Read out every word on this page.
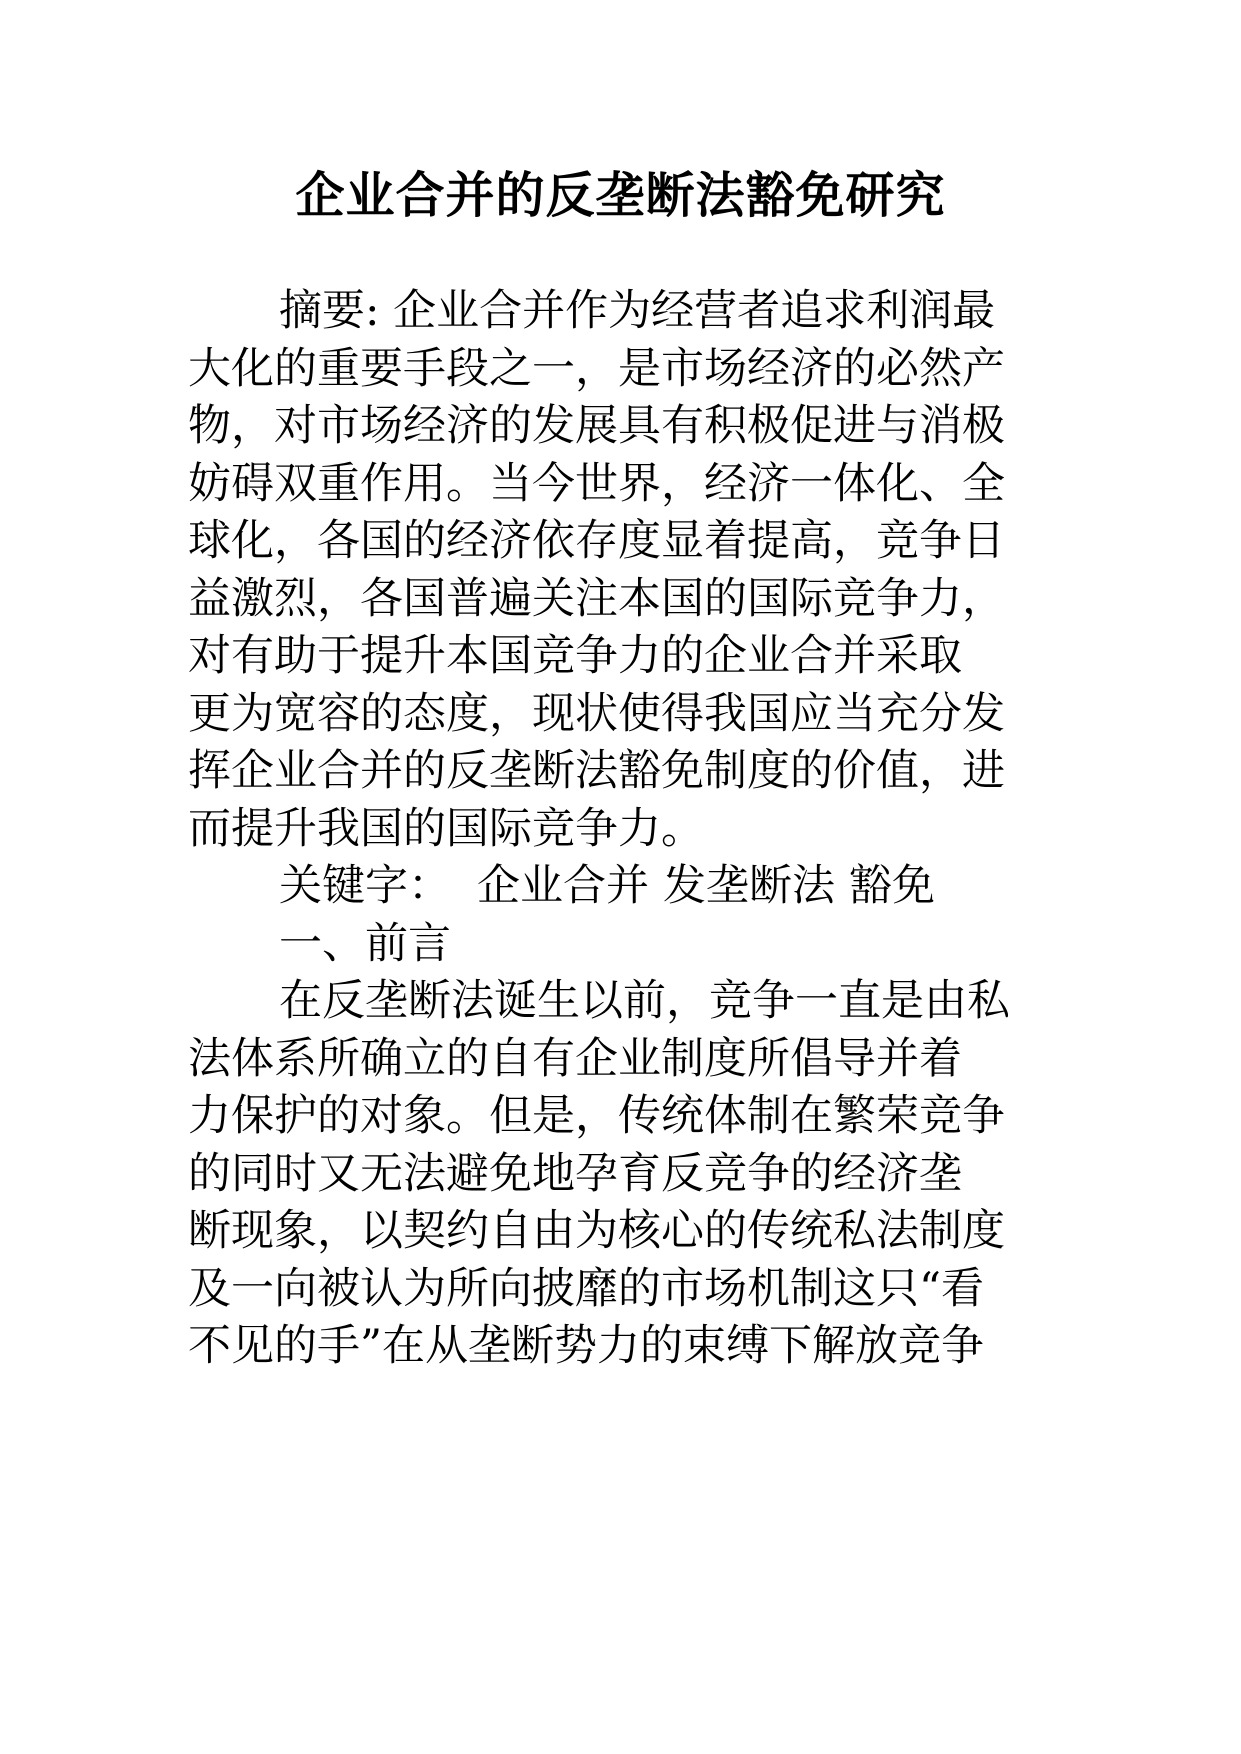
企业合并的反垄断法豁免研究
摘要: 企业合并作为经营者追求利润最
大化的重要手段之一，是市场经济的必然产
物，对市场经济的发展具有积极促进与消极
妨碍双重作用。当今世界，经济一体化、全
球化，各国的经济依存度显着提高，竞争日
益激烈，各国普遍关注本国的国际竞争力，
对有助于提升本国竞争力的企业合并采取
更为宽容的态度，现状使得我国应当充分发
挥企业合并的反垄断法豁免制度的价值，进
而提升我国的国际竞争力。
关键字： 企业合并 发垄断法 豁免
一、前言
在反垄断法诞生以前，竞争一直是由私
法体系所确立的自有企业制度所倡导并着
力保护的对象。但是，传统体制在繁荣竞争
的同时又无法避免地孕育反竞争的经济垄
断现象，以契约自由为核心的传统私法制度
及一向被认为所向披靡的市场机制这只“看
不见的手”在从垄断势力的束缚下解放竞争
